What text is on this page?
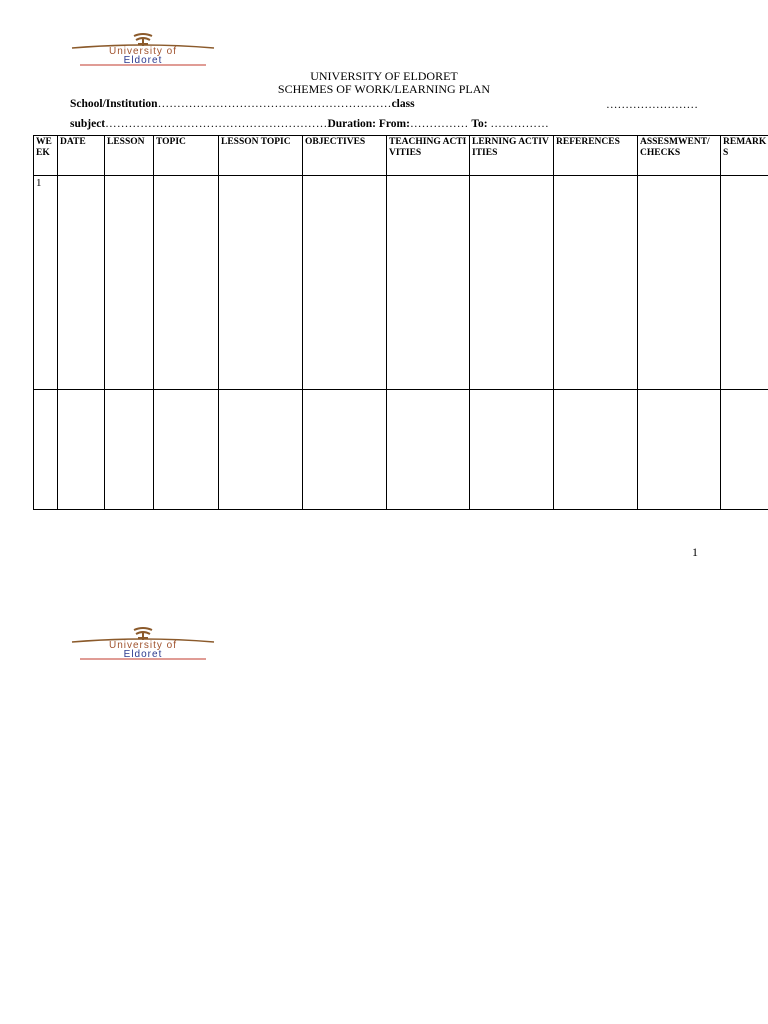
University of
Eldoret
UNIVERSITY OF ELDORET
SCHEMES OF WORK/LEARNING PLAN
School/Institution……………………………………………………class	……………………
subject…………………………………………………Duration: From:…………… To: ……………
WEEK	DATE	LESSON	TOPIC	LESSON TOPIC	OBJECTIVES	TEACHING ACTIVITIES	LERNING ACTIVITIES	REFERENCES	ASSESMWENT/ CHECKS	REMARKS
1										

1
University of
Eldoret
